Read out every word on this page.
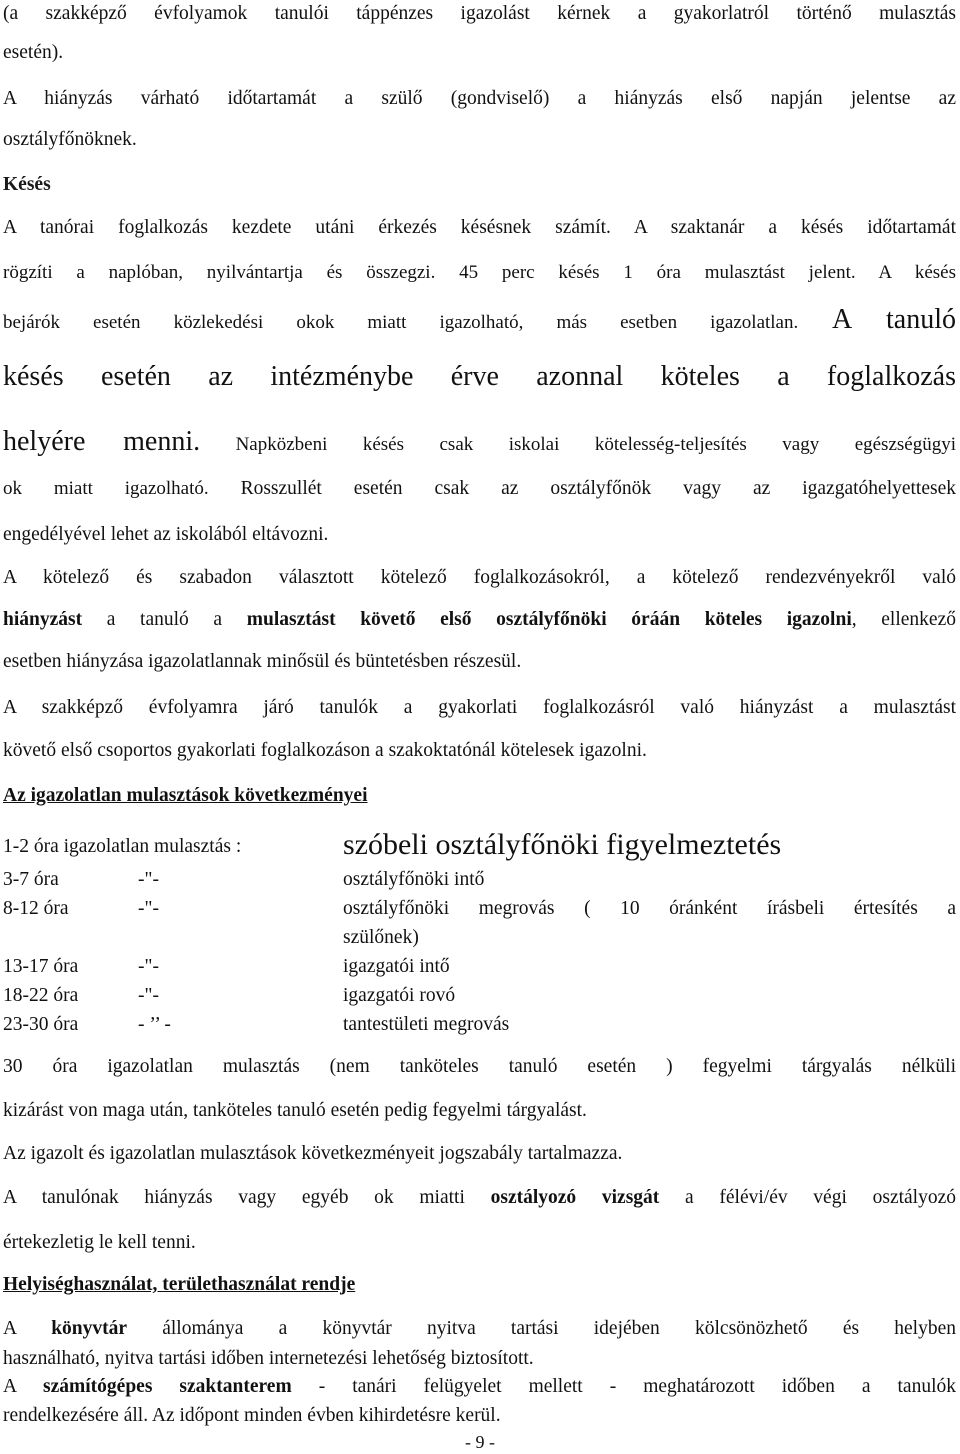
(a szakképző évfolyamok tanulói táppénzes igazolást kérnek a gyakorlatról történő mulasztás
esetén).
A hiányzás várható időtartamát a szülő (gondviselő) a hiányzás első napján jelentse az
osztályfőnöknek.
Késés
A tanórai foglalkozás kezdete utáni érkezés késésnek számít. A szaktanár a késés időtartamát
rögzíti a naplóban, nyilvántartja és összegzi. 45 perc késés 1 óra mulasztást jelent. A késés
bejárók esetén közlekedési okok miatt igazolható, más esetben igazolatlan. A tanuló
késés esetén az intézménybe érve azonnal köteles a foglalkozás
helyére menni. Napközbeni késés csak iskolai kötelesség-teljesítés vagy egészségügyi
ok miatt igazolható. Rosszullét esetén csak az osztályfőnök vagy az igazgatóhelyettesek
engedélyével lehet az iskolából eltávozni.
A kötelező és szabadon választott kötelező foglalkozásokról, a kötelező rendezvényekről való
hiányzást a tanuló a mulasztást követő első osztályfőnöki óráán köteles igazolni, ellenkező
esetben hiányzása igazolatlannak minősül és büntetésben részesül.
A szakképző évfolyamra járó tanulók a gyakorlati foglalkozásról való hiányzást a mulasztást
követő első csoportos gyakorlati foglalkozáson a szakoktatónál kötelesek igazolni.
Az igazolatlan mulasztások következményei
1-2 óra igazolatlan mulasztás :	szóbeli osztályfőnöki figyelmeztetés
3-7 óra	-"-	osztályfőnöki intő
8-12 óra	-"-	osztályfőnöki megrovás ( 10 óránként írásbeli értesítés a
szülőnek)
13-17 óra	-"-	igazgatói intő
18-22 óra	-"-	igazgatói rovó
23-30 óra	- ’’ -	tantestületi megrovás
30 óra igazolatlan mulasztás (nem tanköteles tanuló esetén ) fegyelmi tárgyalás nélküli
kizárást von maga után, tanköteles tanuló esetén pedig fegyelmi tárgyalást.
Az igazolt és igazolatlan mulasztások következményeit jogszabály tartalmazza.
A tanulónak hiányzás vagy egyéb ok miatti osztályozó vizsgát a félévi/év végi osztályozó
értekezletig le kell tenni.
Helyiséghasználat, területhasználat rendje
A könyvtár állománya a könyvtár nyitva tartási idejében kölcsönözhető és helyben
használható, nyitva tartási időben internetezési lehetőség biztosított.
A számítógépes szaktanterem - tanári felügyelet mellett - meghatározott időben a tanulók
rendelkezésére áll. Az időpont minden évben kihirdetésre kerül.
- 9 -
